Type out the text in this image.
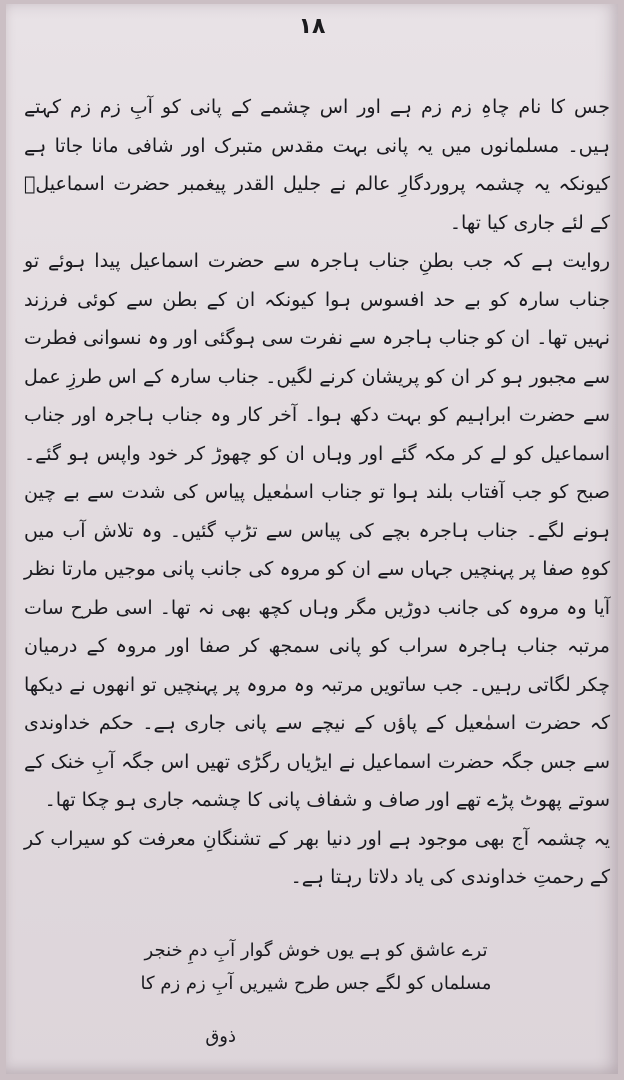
۱۸

جس کا نام چاہِ زم زم ہے اور اس چشمے کے پانی کو آبِ زم زم کہتے ہیں۔ مسلمانوں میں یہ پانی بہت مقدس متبرک اور شافی مانا جاتا ہے کیونکہ یہ چشمہ پروردگارِ عالم نے جلیل القدر پیغمبر حضرت اسماعیلؑ کے لئے جاری کیا تھا۔

روایت ہے کہ جب بطنِ جناب ہاجرہ سے حضرت اسماعیل پیدا ہوئے تو جناب سارہ کو بے حد افسوس ہوا کیونکہ ان کے بطن سے کوئی فرزند نہیں تھا۔ ان کو جناب ہاجرہ سے نفرت سی ہوگئی اور وہ نسوانی فطرت سے مجبور ہو کر ان کو پریشان کرنے لگیں۔ جناب سارہ کے اس طرزِ عمل سے حضرت ابراہیم کو بہت دکھ ہوا۔ آخر کار وہ جناب ہاجرہ اور جناب اسماعیل کو لے کر مکہ گئے اور وہاں ان کو چھوڑ کر خود واپس ہو گئے۔ صبح کو جب آفتاب بلند ہوا تو جناب اسمٰعیل پیاس کی شدت سے بے چین ہونے لگے۔ جناب ہاجرہ بچے کی پیاس سے تڑپ گئیں۔ وہ تلاش آب میں کوہِ صفا پر پہنچیں جہاں سے ان کو مروہ کی جانب پانی موجیں مارتا نظر آیا وہ مروہ کی جانب دوڑیں مگر وہاں کچھ بھی نہ تھا۔ اسی طرح سات مرتبہ جناب ہاجرہ سراب کو پانی سمجھ کر صفا اور مروہ کے درمیان چکر لگاتی رہیں۔ جب ساتویں مرتبہ وہ مروہ پر پہنچیں تو انھوں نے دیکھا کہ حضرت اسمٰعیل کے پاؤں کے نیچے سے پانی جاری ہے۔ حکم خداوندی سے جس جگہ حضرت اسماعیل نے ایڑیاں رگڑی تھیں اس جگہ آبِ خنک کے سوتے پھوٹ پڑے تھے اور صاف و شفاف پانی کا چشمہ جاری ہو چکا تھا۔

یہ چشمہ آج بھی موجود ہے اور دنیا بھر کے تشنگانِ معرفت کو سیراب کر کے رحمتِ خداوندی کی یاد دلاتا رہتا ہے۔

ترے عاشق کو ہے یوں خوش گوار آبِ دمِ خنجر
مسلماں کو لگے جس طرح شیریں آبِ زم زم کا
ذوق
